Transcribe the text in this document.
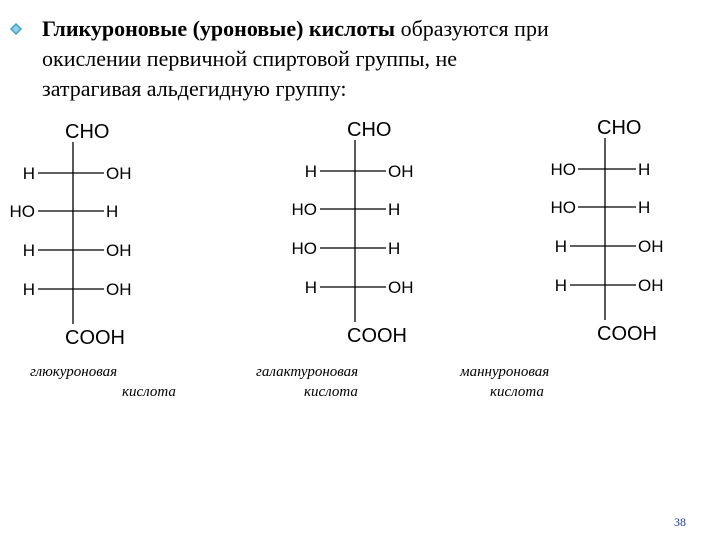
Гликуроновые (уроновые) кислоты образуются при
окислении первичной спиртовой группы, не
затрагивая альдегидную группу:
CHO
H	OH
HO	H
H	OH
H	OH
COOH
CHO
H	OH
HO	H
HO	H
H	OH
COOH
CHO
HO	H
HO	H
H	OH
H	OH
COOH
глюкуроновая
кислота
галактуроновая
кислота
маннуроновая
кислота
38
